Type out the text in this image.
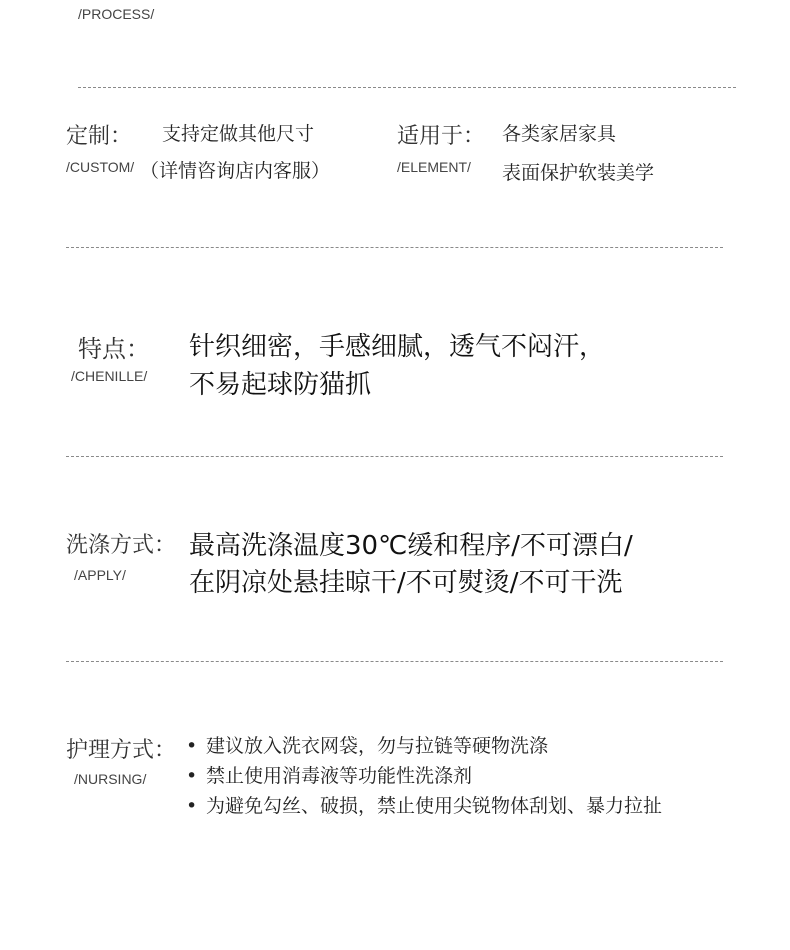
/PROCESS/
定制：
/CUSTOM/
支持定做其他尺寸
（详情咨询店内客服）
适用于：
/ELEMENT/
各类家居家具
表面保护软装美学
特点：
/CHENILLE/
针织细密，手感细腻，透气不闷汗，
不易起球防猫抓
洗涤方式：
/APPLY/
最高洗涤温度30℃缓和程序/不可漂白/
在阴凉处悬挂晾干/不可熨烫/不可干洗
护理方式：
/NURSING/
• 建议放入洗衣网袋，勿与拉链等硬物洗涤
• 禁止使用消毒液等功能性洗涤剂
• 为避免勾丝、破损，禁止使用尖锐物体刮划、暴力拉扯
